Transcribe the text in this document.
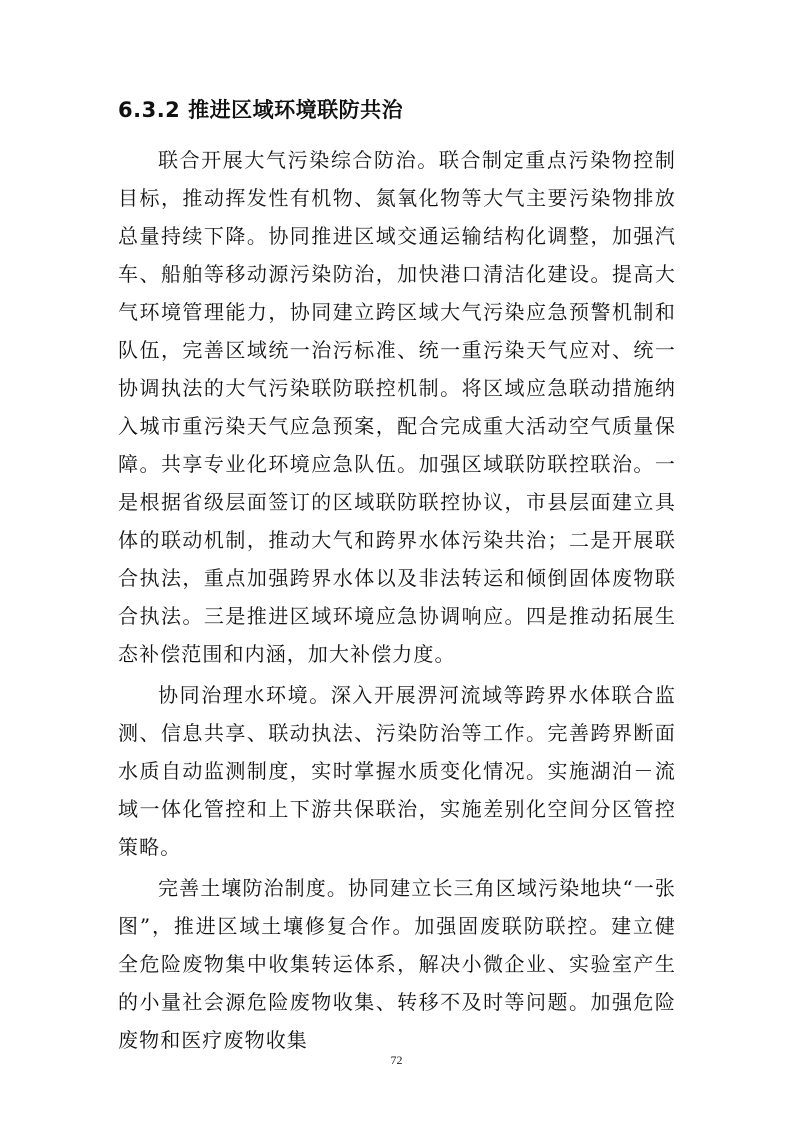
6.3.2 推进区域环境联防共治

联合开展大气污染综合防治。联合制定重点污染物控制目标，推动挥发性有机物、氮氧化物等大气主要污染物排放总量持续下降。协同推进区域交通运输结构化调整，加强汽车、船舶等移动源污染防治，加快港口清洁化建设。提高大气环境管理能力，协同建立跨区域大气污染应急预警机制和队伍，完善区域统一治污标准、统一重污染天气应对、统一协调执法的大气污染联防联控机制。将区域应急联动措施纳入城市重污染天气应急预案，配合完成重大活动空气质量保障。共享专业化环境应急队伍。加强区域联防联控联治。一是根据省级层面签订的区域联防联控协议，市县层面建立具体的联动机制，推动大气和跨界水体污染共治；二是开展联合执法，重点加强跨界水体以及非法转运和倾倒固体废物联合执法。三是推进区域环境应急协调响应。四是推动拓展生态补偿范围和内涵，加大补偿力度。

协同治理水环境。深入开展淠河流域等跨界水体联合监测、信息共享、联动执法、污染防治等工作。完善跨界断面水质自动监测制度，实时掌握水质变化情况。实施湖泊－流域一体化管控和上下游共保联治，实施差别化空间分区管控策略。

完善土壤防治制度。协同建立长三角区域污染地块“一张图”，推进区域土壤修复合作。加强固废联防联控。建立健全危险废物集中收集转运体系，解决小微企业、实验室产生的小量社会源危险废物收集、转移不及时等问题。加强危险废物和医疗废物收集

72
